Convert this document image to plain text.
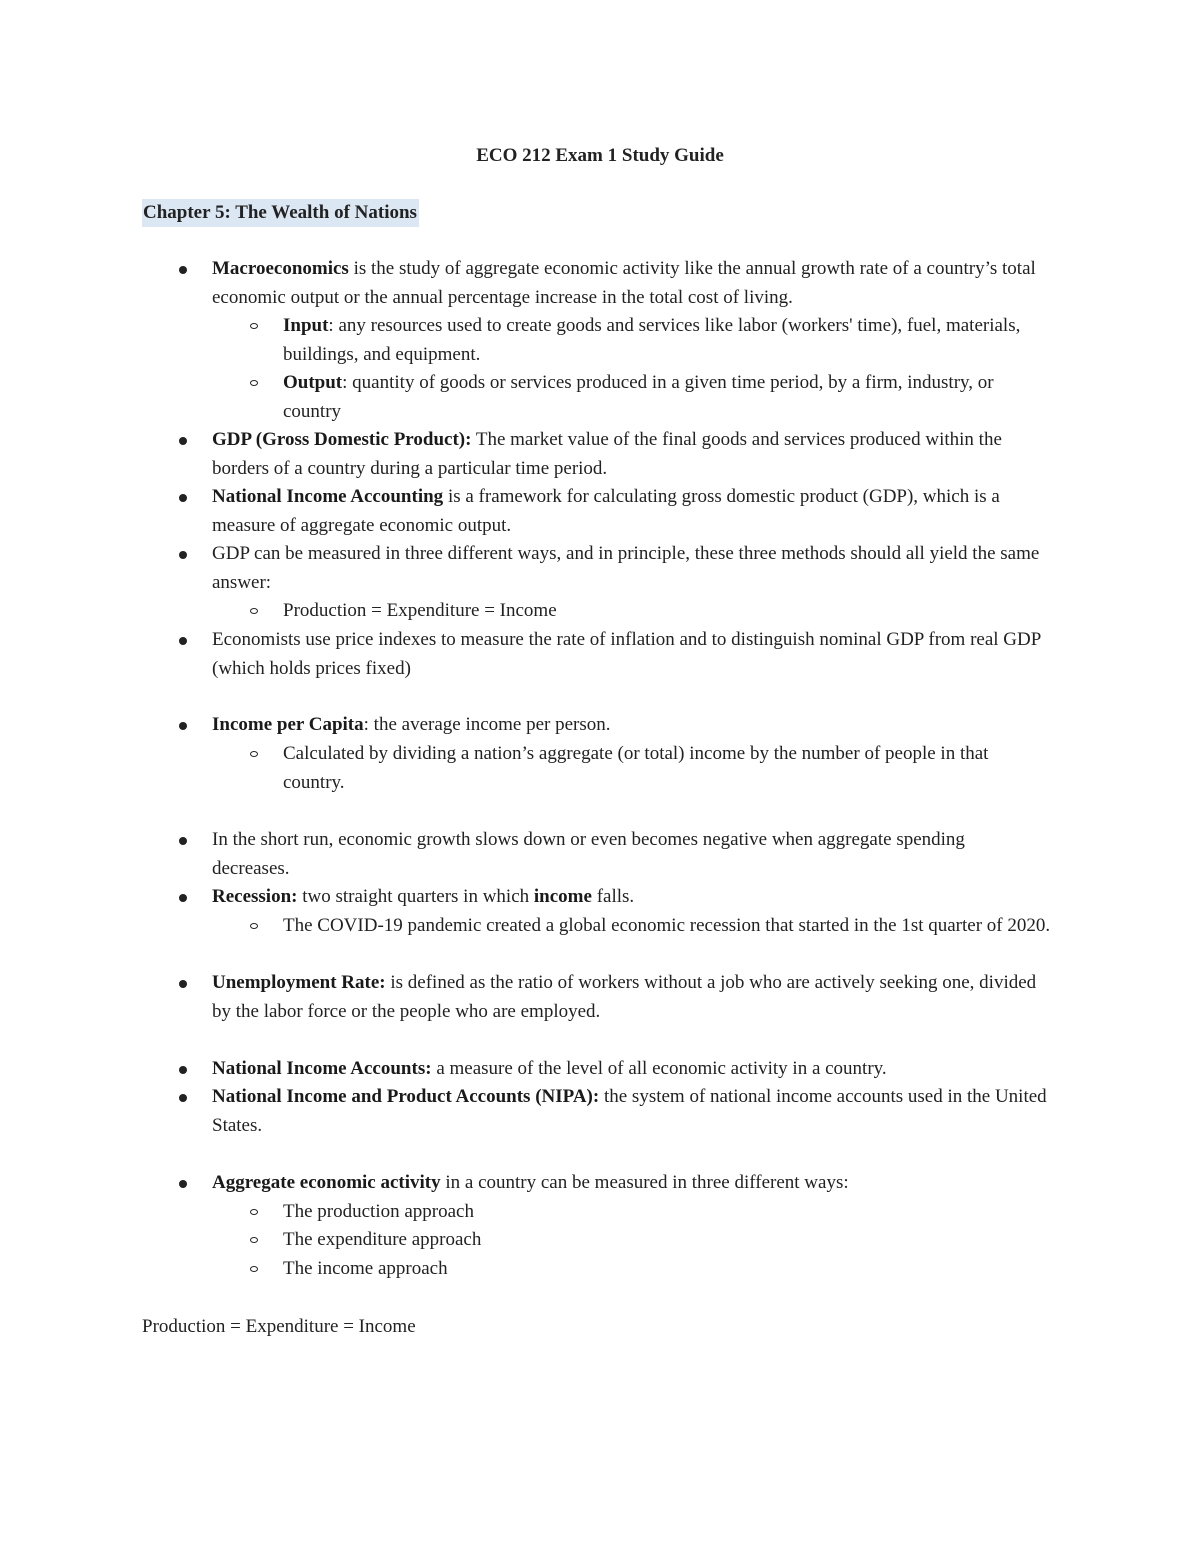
ECO 212 Exam 1 Study Guide
Chapter 5: The Wealth of Nations
Macroeconomics is the study of aggregate economic activity like the annual growth rate of a country’s total economic output or the annual percentage increase in the total cost of living.
Input: any resources used to create goods and services like labor (workers' time), fuel, materials, buildings, and equipment.
Output: quantity of goods or services produced in a given time period, by a firm, industry, or country
GDP (Gross Domestic Product): The market value of the final goods and services produced within the borders of a country during a particular time period.
National Income Accounting is a framework for calculating gross domestic product (GDP), which is a measure of aggregate economic output.
GDP can be measured in three different ways, and in principle, these three methods should all yield the same answer:
Production = Expenditure = Income
Economists use price indexes to measure the rate of inflation and to distinguish nominal GDP from real GDP (which holds prices fixed)
Income per Capita: the average income per person.
Calculated by dividing a nation’s aggregate (or total) income by the number of people in that country.
In the short run, economic growth slows down or even becomes negative when aggregate spending decreases.
Recession: two straight quarters in which income falls.
The COVID-19 pandemic created a global economic recession that started in the 1st quarter of 2020.
Unemployment Rate: is defined as the ratio of workers without a job who are actively seeking one, divided by the labor force or the people who are employed.
National Income Accounts: a measure of the level of all economic activity in a country.
National Income and Product Accounts (NIPA): the system of national income accounts used in the United States.
Aggregate economic activity in a country can be measured in three different ways:
The production approach
The expenditure approach
The income approach
Production = Expenditure = Income
